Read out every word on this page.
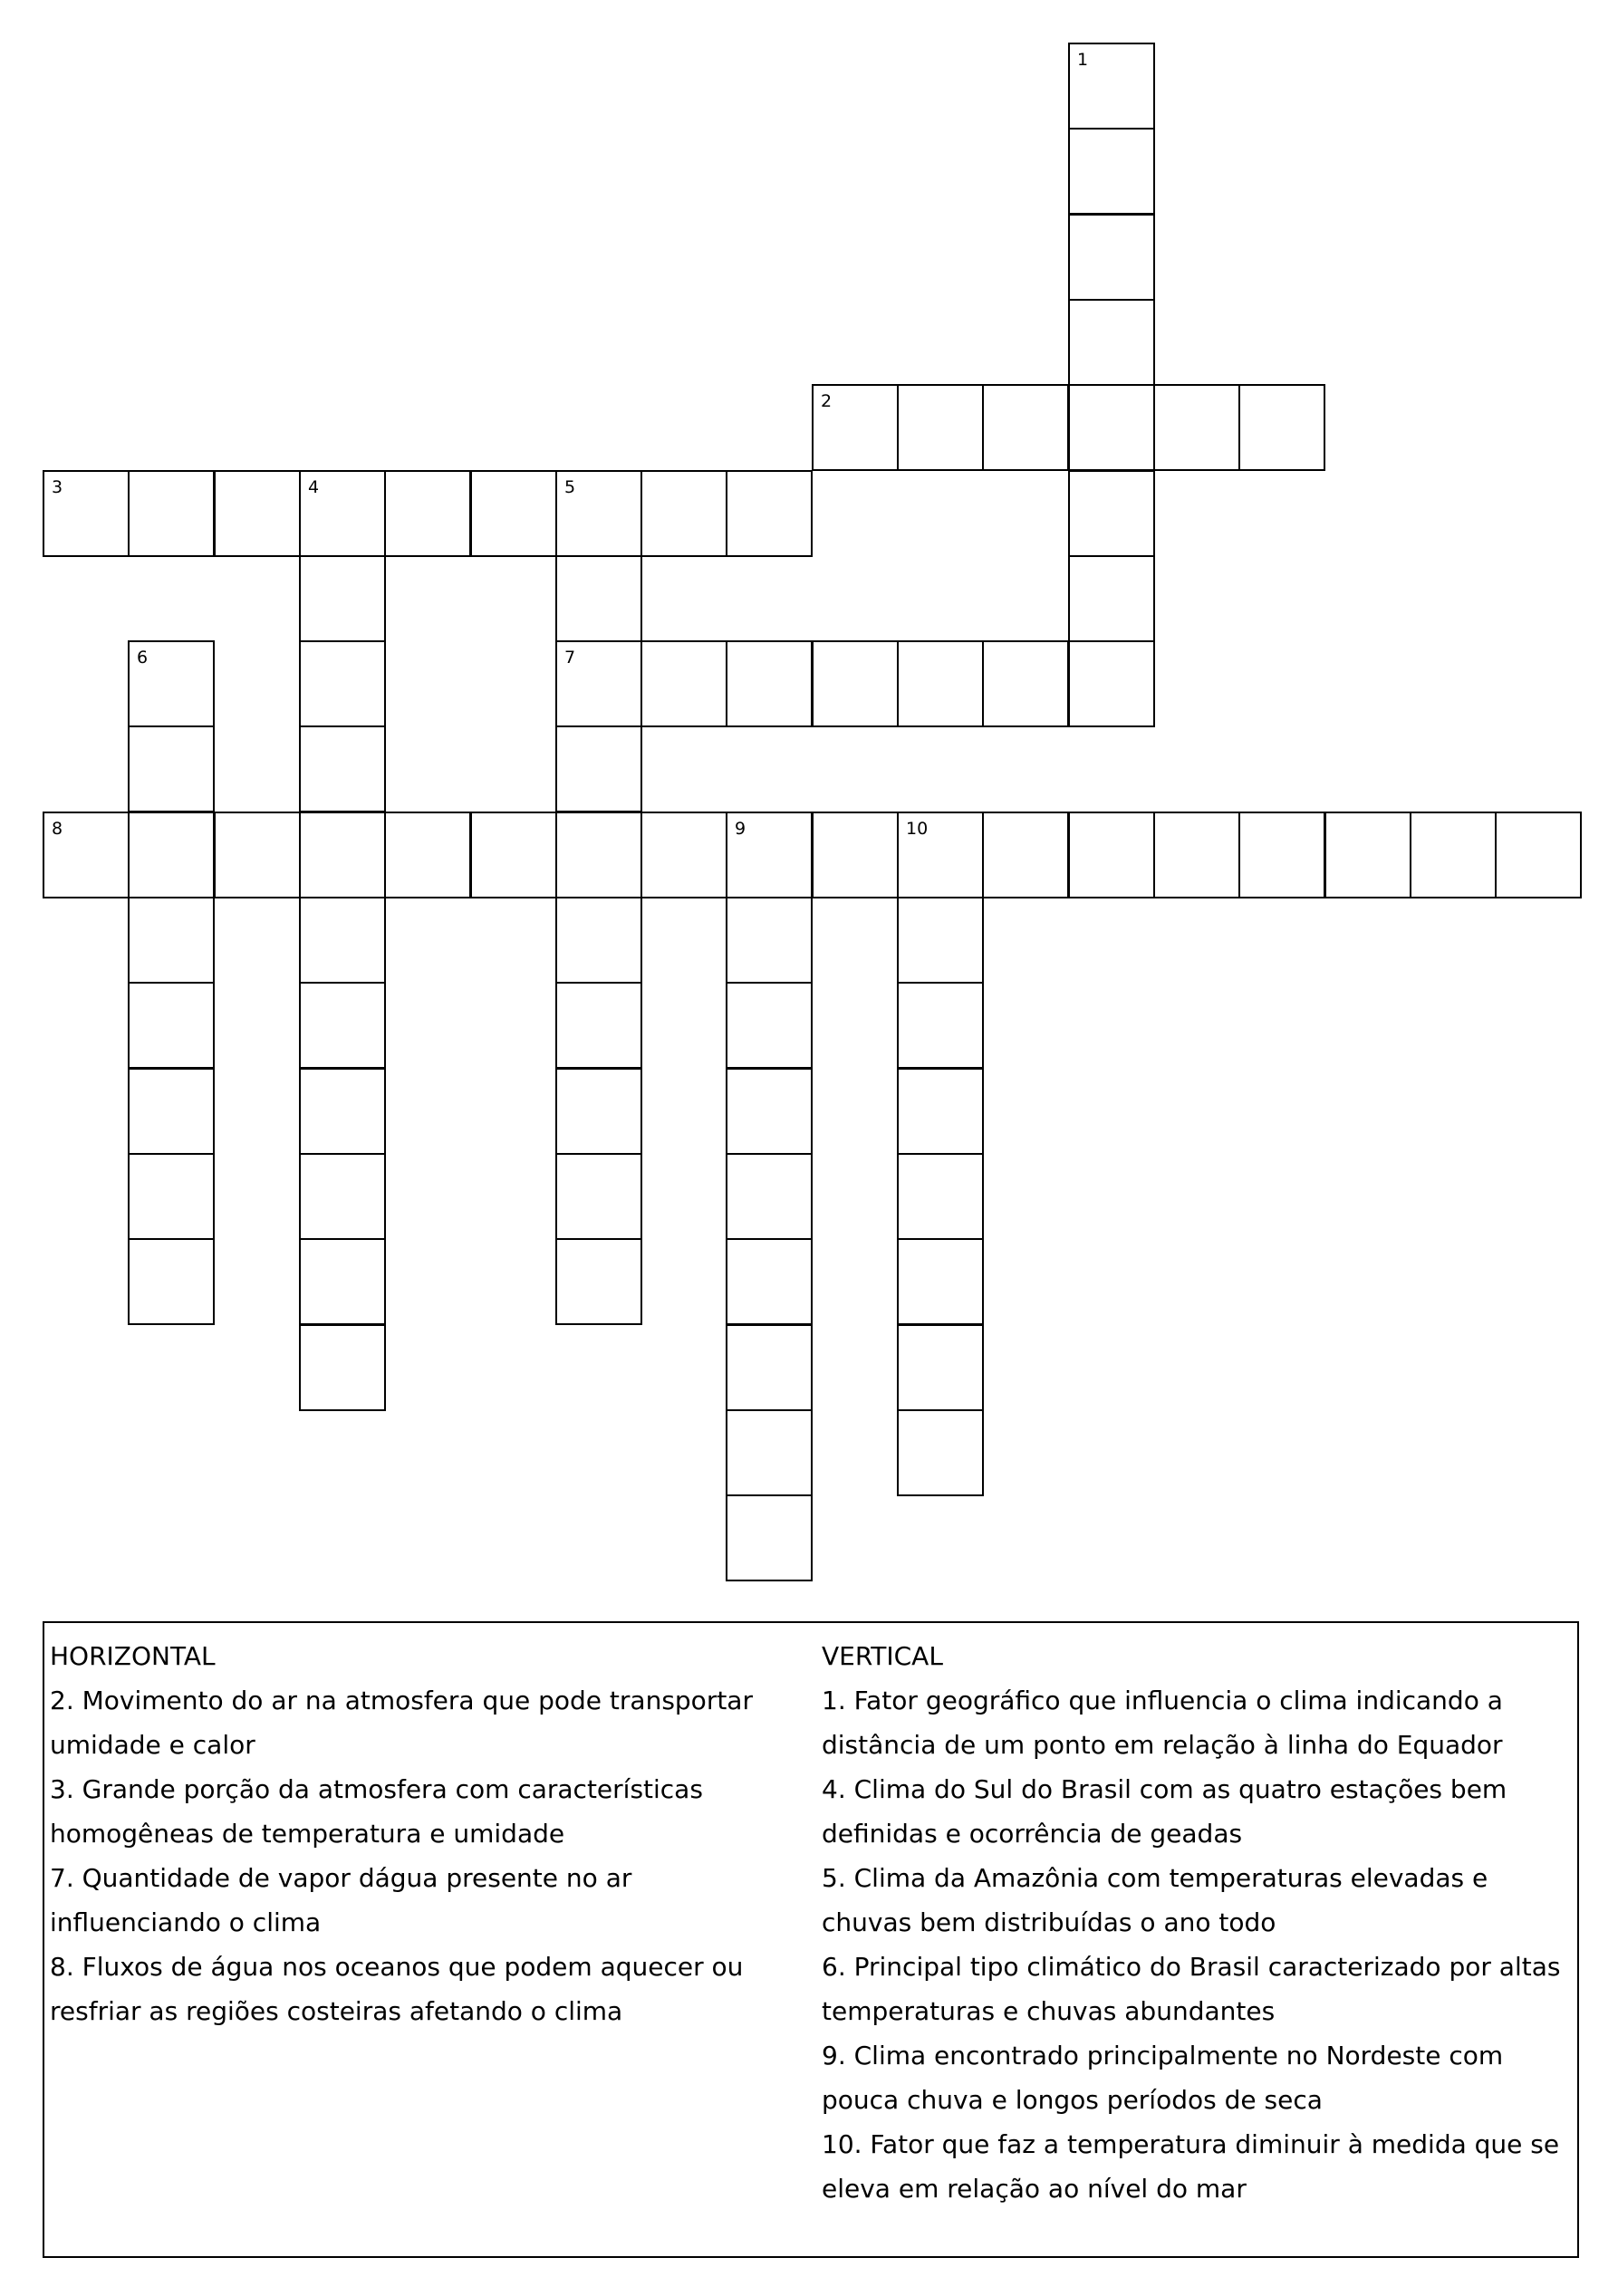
1
2
3	4	5
7
6
8	9	10
HORIZONTAL
2. Movimento do ar na atmosfera que pode transportar umidade e calor
3. Grande porção da atmosfera com características homogêneas de temperatura e umidade
7. Quantidade de vapor dágua presente no ar influenciando o clima
8. Fluxos de água nos oceanos que podem aquecer ou resfriar as regiões costeiras afetando o clima
VERTICAL
1. Fator geográfico que influencia o clima indicando a distância de um ponto em relação à linha do Equador
4. Clima do Sul do Brasil com as quatro estações bem definidas e ocorrência de geadas
5. Clima da Amazônia com temperaturas elevadas e chuvas bem distribuídas o ano todo
6. Principal tipo climático do Brasil caracterizado por altas temperaturas e chuvas abundantes
9. Clima encontrado principalmente no Nordeste com pouca chuva e longos períodos de seca
10. Fator que faz a temperatura diminuir à medida que se eleva em relação ao nível do mar
